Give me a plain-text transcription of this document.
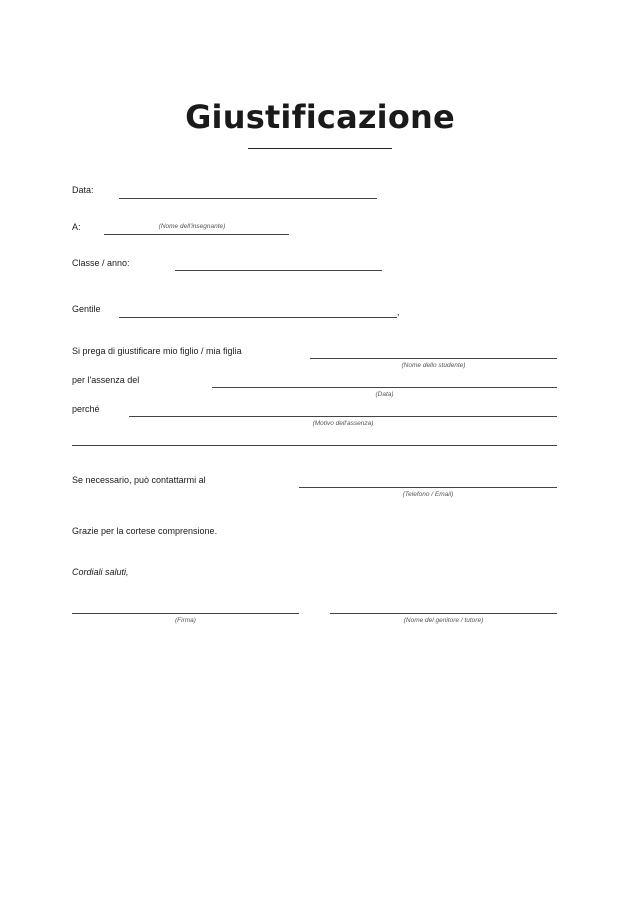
Giustificazione
Data:
A:	(Nome dell'insegnante)
Classe / anno:
Gentile	,
Si prega di giustificare mio figlio / mia figlia
(Nome dello studente)
per l'assenza del
(Data)
perché
(Motivo dell'assenza)
Se necessario, può contattarmi al
(Telefono / Email)
Grazie per la cortese comprensione.
Cordiali saluti,
(Firma)	(Nome del genitore / tutore)
